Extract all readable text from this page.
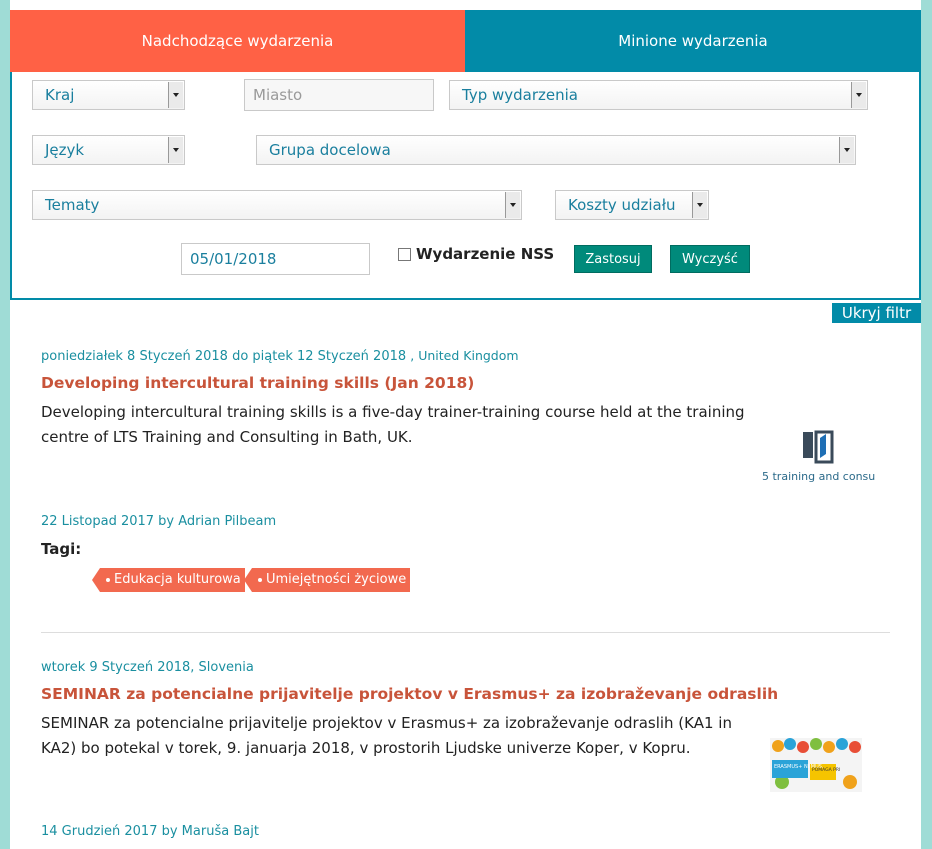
Nadchodzące wydarzenia	Minione wydarzenia
Kraj	Miasto	Typ wydarzenia
Język	Grupa docelowa
Tematy	Koszty udziału
05/01/2018	Wydarzenie NSS	Zastosuj	Wyczyść
Ukryj filtr
poniedziałek 8 Styczeń 2018 do piątek 12 Styczeń 2018 , United Kingdom
Developing intercultural training skills (Jan 2018)
Developing intercultural training skills is a five-day trainer-training course held at the training centre of LTS Training and Consulting in Bath, UK.
5 training and consult
22 Listopad 2017 by Adrian Pilbeam
Tagi:
Edukacja kulturowa	Umiejętności życiowe
wtorek 9 Styczeń 2018, Slovenia
SEMINAR za potencialne prijavitelje projektov v Erasmus+ za izobraževanje odraslih
SEMINAR za potencialne prijavitelje projektov v Erasmus+ za izobraževanje odraslih (KA1 in KA2) bo potekal v torek, 9. januarja 2018, v prostorih Ljudske univerze Koper, v Kopru.
ERASMUS+ NI MUS.
POMAGA PRI
14 Grudzień 2017 by Maruša Bajt
